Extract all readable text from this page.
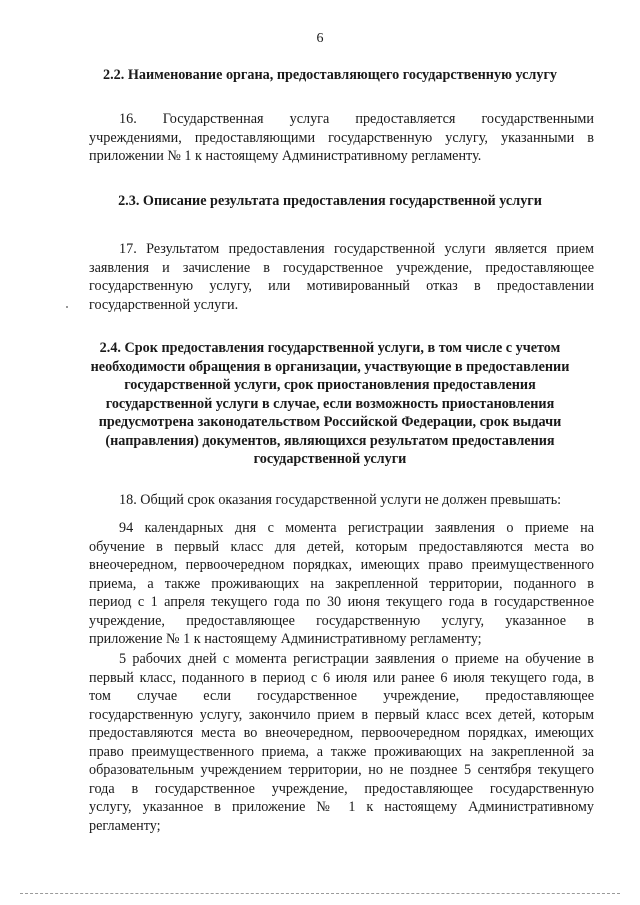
6
2.2. Наименование органа, предоставляющего государственную услугу
16. Государственная услуга предоставляется государственными
учреждениями, предоставляющими государственную услугу, указанными в
приложении № 1 к настоящему Административному регламенту.
2.3. Описание результата предоставления государственной услуги
17. Результатом предоставления государственной услуги является прием
заявления и зачисление в государственное учреждение, предоставляющее
государственную услугу, или мотивированный отказ в предоставлении
государственной услуги.
2.4. Срок предоставления государственной услуги, в том числе с учетом
необходимости обращения в организации, участвующие в предоставлении
государственной услуги, срок приостановления предоставления
государственной услуги в случае, если возможность приостановления
предусмотрена законодательством Российской Федерации, срок выдачи
(направления) документов, являющихся результатом предоставления
государственной услуги
18. Общий срок оказания государственной услуги не должен превышать:
94 календарных дня с момента регистрации заявления о приеме на
обучение в первый класс для детей, которым предоставляются места во
внеочередном, первоочередном порядках, имеющих право преимущественного
приема, а также проживающих на закрепленной территории, поданного в
период с 1 апреля текущего года по 30 июня текущего года в государственное
учреждение, предоставляющее государственную услугу, указанное в
приложение № 1 к настоящему Административному регламенту;
5 рабочих дней с момента регистрации заявления о приеме на обучение в
первый класс, поданного в период с 6 июля или ранее 6 июля текущего года, в
том случае если государственное учреждение, предоставляющее
государственную услугу, закончило прием в первый класс всех детей, которым
предоставляются места во внеочередном, первоочередном порядках, имеющих
право преимущественного приема, а также проживающих на закрепленной за
образовательным учреждением территории, но не позднее 5 сентября текущего
года в государственное учреждение, предоставляющее государственную
услугу, указанное в приложение № 1 к настоящему Административному
регламенту;
